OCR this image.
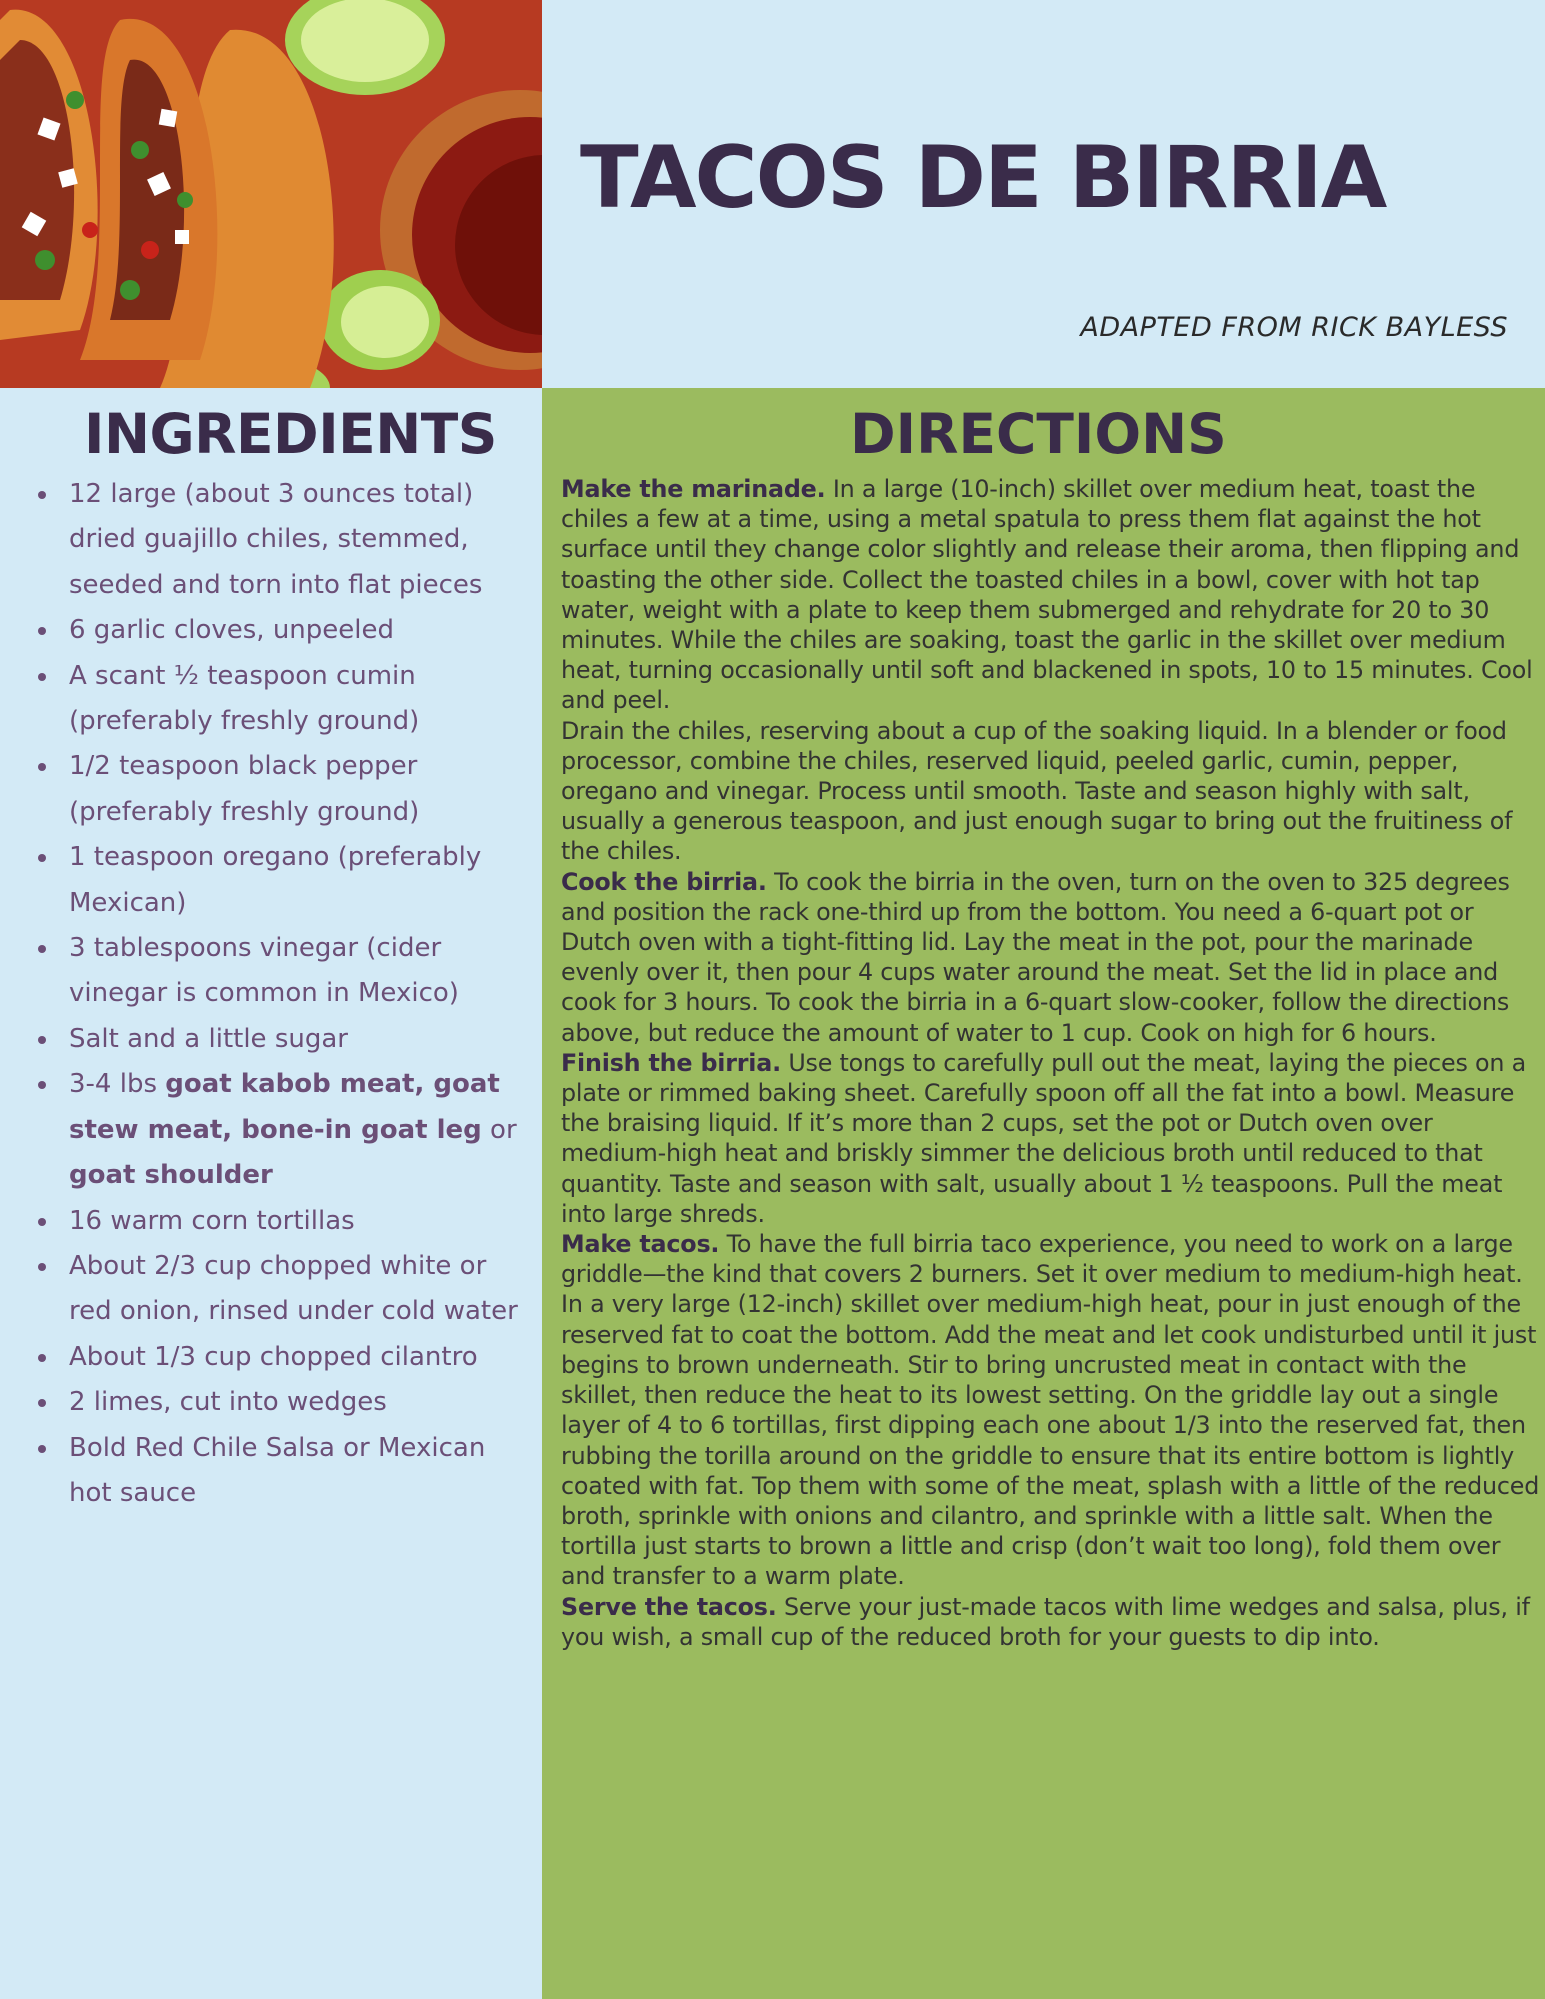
TACOS DE BIRRIA
ADAPTED FROM RICK BAYLESS
INGREDIENTS
12 large (about 3 ounces total) dried guajillo chiles, stemmed, seeded and torn into flat pieces
6 garlic cloves, unpeeled
A scant ½ teaspoon cumin (preferably freshly ground)
1/2 teaspoon black pepper (preferably freshly ground)
1 teaspoon oregano (preferably Mexican)
3 tablespoons vinegar (cider vinegar is common in Mexico)
Salt and a little sugar
3-4 lbs goat kabob meat, goat stew meat, bone-in goat leg or goat shoulder
16 warm corn tortillas
About 2/3 cup chopped white or red onion, rinsed under cold water
About 1/3 cup chopped cilantro
2 limes, cut into wedges
Bold Red Chile Salsa or Mexican hot sauce
DIRECTIONS

Make the marinade. In a large (10-inch) skillet over medium heat, toast the chiles a few at a time, using a metal spatula to press them flat against the hot surface until they change color slightly and release their aroma, then flipping and toasting the other side. Collect the toasted chiles in a bowl, cover with hot tap water, weight with a plate to keep them submerged and rehydrate for 20 to 30 minutes. While the chiles are soaking, toast the garlic in the skillet over medium heat, turning occasionally until soft and blackened in spots, 10 to 15 minutes. Cool and peel.

Drain the chiles, reserving about a cup of the soaking liquid. In a blender or food processor, combine the chiles, reserved liquid, peeled garlic, cumin, pepper, oregano and vinegar. Process until smooth. Taste and season highly with salt, usually a generous teaspoon, and just enough sugar to bring out the fruitiness of the chiles.

Cook the birria. To cook the birria in the oven, turn on the oven to 325 degrees and position the rack one-third up from the bottom. You need a 6-quart pot or Dutch oven with a tight-fitting lid. Lay the meat in the pot, pour the marinade evenly over it, then pour 4 cups water around the meat. Set the lid in place and cook for 3 hours. To cook the birria in a 6-quart slow-cooker, follow the directions above, but reduce the amount of water to 1 cup. Cook on high for 6 hours.

Finish the birria. Use tongs to carefully pull out the meat, laying the pieces on a plate or rimmed baking sheet. Carefully spoon off all the fat into a bowl. Measure the braising liquid. If it’s more than 2 cups, set the pot or Dutch oven over medium-high heat and briskly simmer the delicious broth until reduced to that quantity. Taste and season with salt, usually about 1 ½ teaspoons. Pull the meat into large shreds.

Make tacos. To have the full birria taco experience, you need to work on a large griddle—the kind that covers 2 burners. Set it over medium to medium-high heat. In a very large (12-inch) skillet over medium-high heat, pour in just enough of the reserved fat to coat the bottom. Add the meat and let cook undisturbed until it just begins to brown underneath. Stir to bring uncrusted meat in contact with the skillet, then reduce the heat to its lowest setting. On the griddle lay out a single layer of 4 to 6 tortillas, first dipping each one about 1/3 into the reserved fat, then rubbing the torilla around on the griddle to ensure that its entire bottom is lightly coated with fat. Top them with some of the meat, splash with a little of the reduced broth, sprinkle with onions and cilantro, and sprinkle with a little salt. When the tortilla just starts to brown a little and crisp (don’t wait too long), fold them over and transfer to a warm plate.

Serve the tacos. Serve your just-made tacos with lime wedges and salsa, plus, if you wish, a small cup of the reduced broth for your guests to dip into.
